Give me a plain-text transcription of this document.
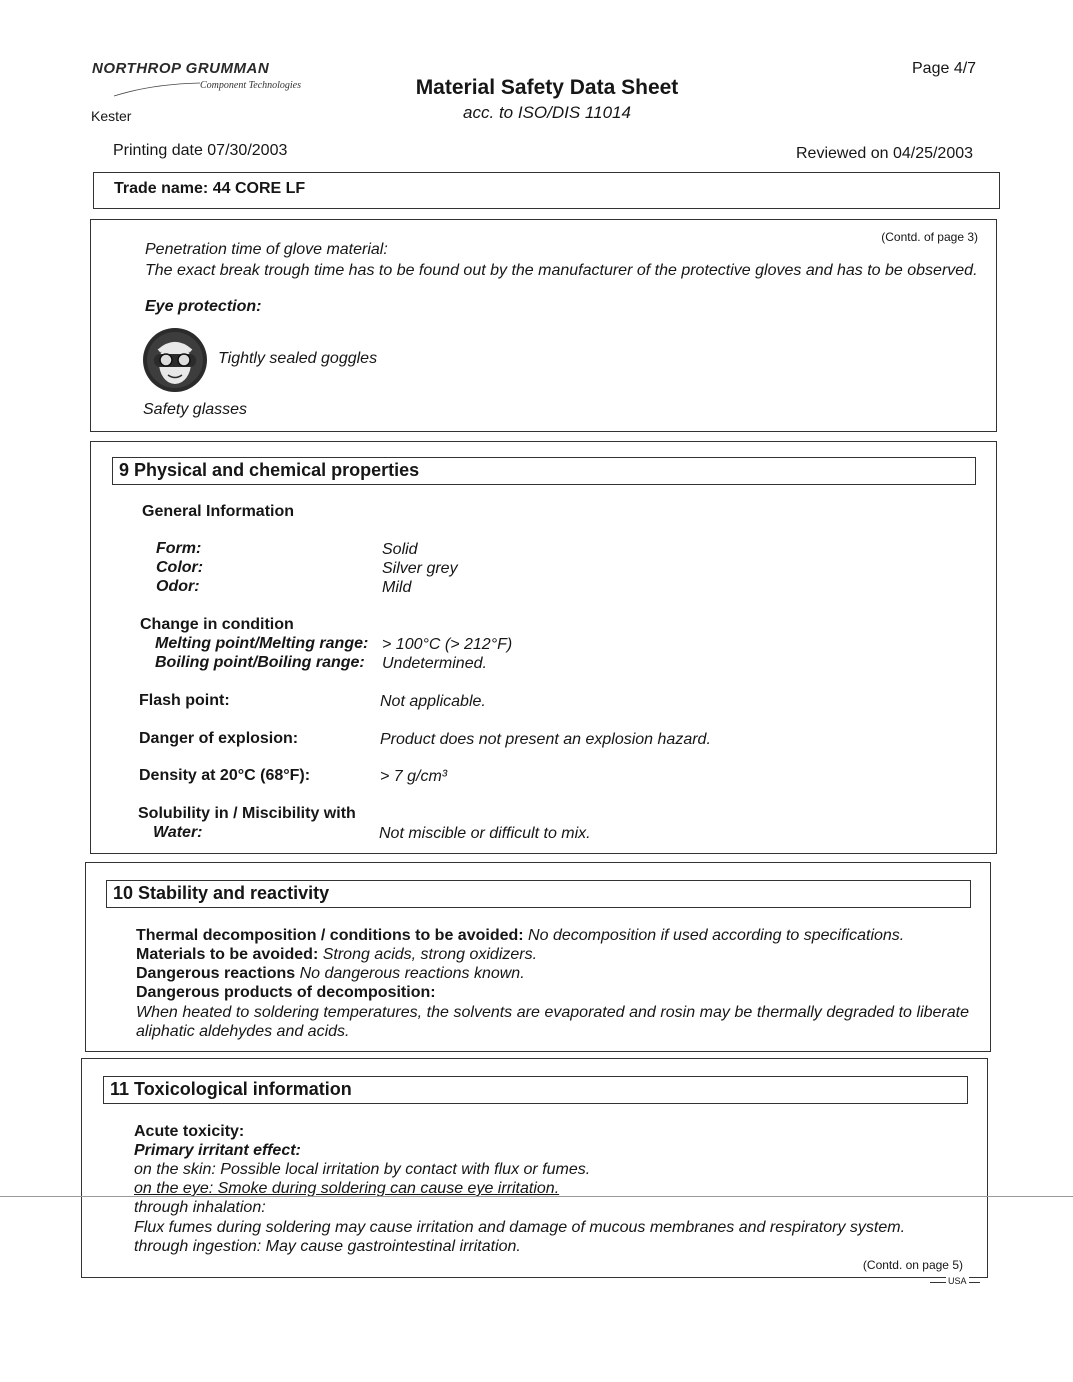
NORTHROP GRUMMAN
Component Technologies
Kester
Material Safety Data Sheet
acc. to ISO/DIS 11014
Page 4/7
Printing date 07/30/2003	Reviewed on 04/25/2003
Trade name: 44 CORE LF
(Contd. of page 3)
Penetration time of glove material:
The exact break trough time has to be found out by the manufacturer of the protective gloves and has to be observed.
Eye protection:
Tightly sealed goggles
Safety glasses
9 Physical and chemical properties
General Information
Form:	Solid
Color:	Silver grey
Odor:	Mild
Change in condition
Melting point/Melting range: > 100°C (> 212°F)
Boiling point/Boiling range: Undetermined.
Flash point:	Not applicable.
Danger of explosion:	Product does not present an explosion hazard.
Density at 20°C (68°F):	> 7 g/cm³
Solubility in / Miscibility with
Water:	Not miscible or difficult to mix.
10 Stability and reactivity
Thermal decomposition / conditions to be avoided: No decomposition if used according to specifications.
Materials to be avoided: Strong acids, strong oxidizers.
Dangerous reactions No dangerous reactions known.
Dangerous products of decomposition:
When heated to soldering temperatures, the solvents are evaporated and rosin may be thermally degraded to liberate aliphatic aldehydes and acids.
11 Toxicological information
Acute toxicity:
Primary irritant effect:
on the skin: Possible local irritation by contact with flux or fumes.
on the eye: Smoke during soldering can cause eye irritation.
through inhalation:
Flux fumes during soldering may cause irritation and damage of mucous membranes and respiratory system.
through ingestion: May cause gastrointestinal irritation.
(Contd. on page 5)
USA
